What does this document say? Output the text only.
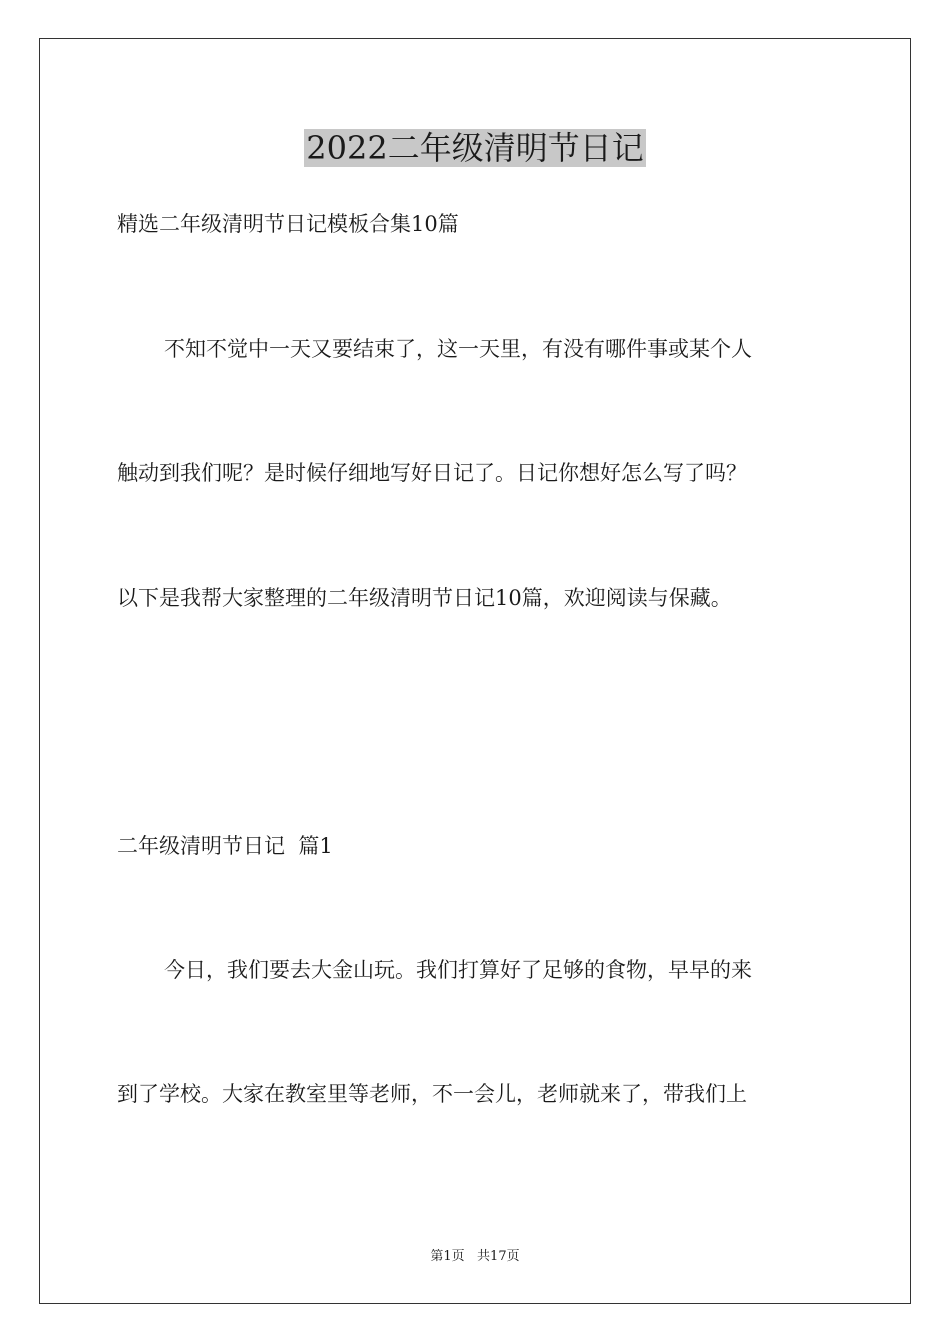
2022二年级清明节日记
精选二年级清明节日记模板合集10篇
不知不觉中一天又要结束了，这一天里，有没有哪件事或某个人
触动到我们呢？是时候仔细地写好日记了。日记你想好怎么写了吗？
以下是我帮大家整理的二年级清明节日记10篇，欢迎阅读与保藏。
二年级清明节日记  篇1
今日，我们要去大金山玩。我们打算好了足够的食物，早早的来
到了学校。大家在教室里等老师，不一会儿，老师就来了，带我们上
第1页   共17页
